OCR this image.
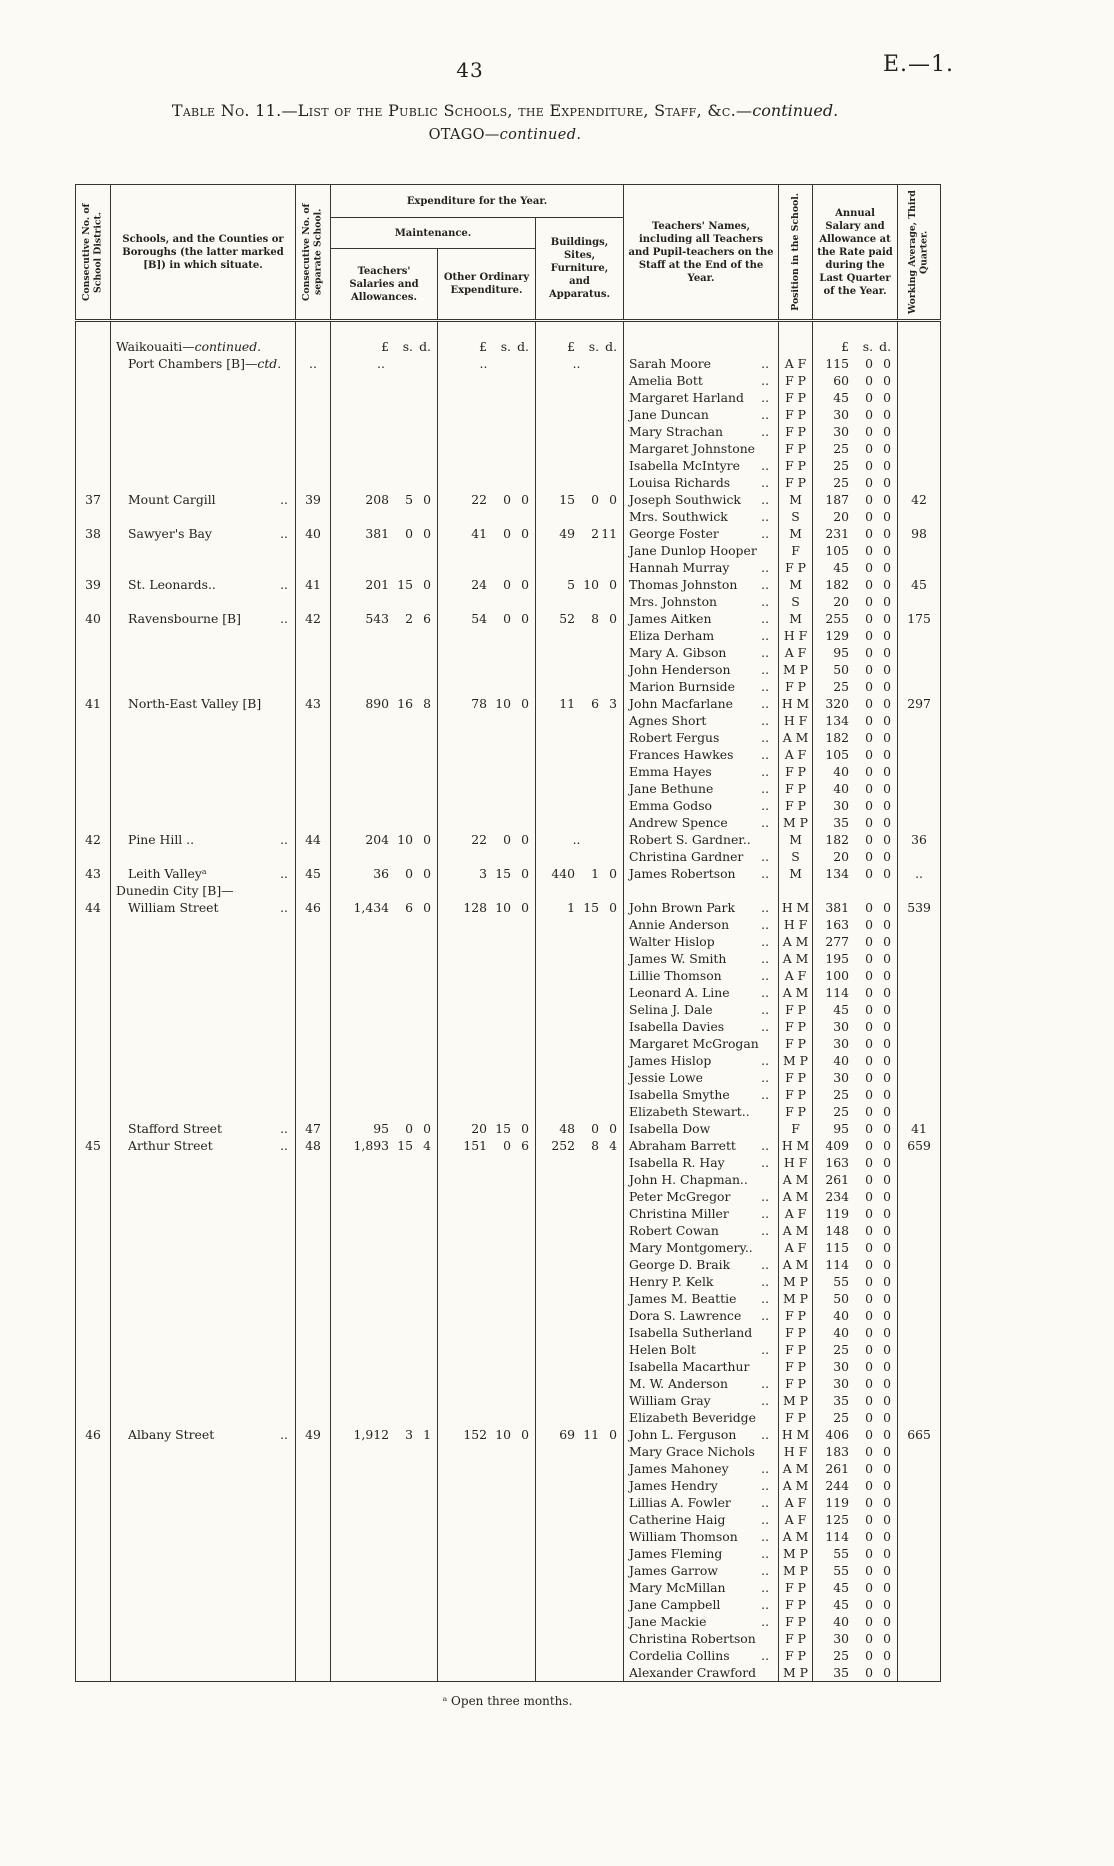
43	E.—1.
Table No. 11.—List of the Public Schools, the Expenditure, Staff, &c.—continued.
OTAGO—continued.
Consecutive No. of School District.	Schools, and the Counties or Boroughs (the latter marked [B]) in which situate.	Consecutive No. of separate School.	Expenditure for the Year.			Teachers' Names, including all Teachers and Pupil-teachers on the Staff at the End of the Year.	Position in the School.	Annual Salary and Allowance at the Rate paid during the Last Quarter of the Year.	Working Average, Third Quarter.

			Maintenance.		Buildings, Sites, Furniture, and Apparatus.				

			Teachers' Salaries and Allowances.	Other Ordinary Expenditure.					

	Waikouaiti— continued.		£ s. d.	£ s. d.	£ s. d.			£ s. d.	

	Port Chambers [B]— ctd.	..	..	..	..	Sarah Moore ..	A F	115 0 0	

						Amelia Bott ..	F P	60 0 0	

						Margaret Harland ..	F P	45 0 0	

						Jane Duncan ..	F P	30 0 0	

						Mary Strachan ..	F P	30 0 0	

						Margaret Johnstone	F P	25 0 0	

						Isabella McIntyre ..	F P	25 0 0	

						Louisa Richards ..	F P	25 0 0	

37	Mount Cargill ..	39	208 5 0	22 0 0	15 0 0	Joseph Southwick ..	M	187 0 0	42

						Mrs. Southwick ..	S	20 0 0	

38	Sawyer's Bay ..	40	381 0 0	41 0 0	49 2 11	George Foster ..	M	231 0 0	98

						Jane Dunlop Hooper	F	105 0 0	

						Hannah Murray ..	F P	45 0 0	

39	St. Leonards.. ..	41	201 15 0	24 0 0	5 10 0	Thomas Johnston ..	M	182 0 0	45

						Mrs. Johnston ..	S	20 0 0	

40	Ravensbourne [B] ..	42	543 2 6	54 0 0	52 8 0	James Aitken ..	M	255 0 0	175

						Eliza Derham ..	H F	129 0 0	

						Mary A. Gibson ..	A F	95 0 0	

						John Henderson ..	M P	50 0 0	

						Marion Burnside ..	F P	25 0 0	

41	North-East Valley [B]	43	890 16 8	78 10 0	11 6 3	John Macfarlane ..	H M	320 0 0	297

						Agnes Short ..	H F	134 0 0	

						Robert Fergus ..	A M	182 0 0	

						Frances Hawkes ..	A F	105 0 0	

						Emma Hayes ..	F P	40 0 0	

						Jane Bethune ..	F P	40 0 0	

						Emma Godso ..	F P	30 0 0	

						Andrew Spence ..	M P	35 0 0	

42	Pine Hill .. ..	44	204 10 0	22 0 0	..	Robert S. Gardner..	M	182 0 0	36

						Christina Gardner ..	S	20 0 0	

43	Leith Valleyᵃ ..	45	36 0 0	3 15 0	440 1 0	James Robertson ..	M	134 0 0	..

	Dunedin City [B]—								

44	William Street ..	46	1,434 6 0	128 10 0	1 15 0	John Brown Park ..	H M	381 0 0	539

						Annie Anderson ..	H F	163 0 0	

						Walter Hislop ..	A M	277 0 0	

						James W. Smith ..	A M	195 0 0	

						Lillie Thomson ..	A F	100 0 0	

						Leonard A. Line ..	A M	114 0 0	

						Selina J. Dale ..	F P	45 0 0	

						Isabella Davies ..	F P	30 0 0	

						Margaret McGrogan	F P	30 0 0	

						James Hislop ..	M P	40 0 0	

						Jessie Lowe ..	F P	30 0 0	

						Isabella Smythe ..	F P	25 0 0	

						Elizabeth Stewart..	F P	25 0 0	

	Stafford Street ..	47	95 0 0	20 15 0	48 0 0	Isabella Dow	F	95 0 0	41
45	Arthur Street ..	48	1,893 15 4	151 0 6	252 8 4	Abraham Barrett ..	H M	409 0 0	659

						Isabella R. Hay ..	H F	163 0 0	

						John H. Chapman..	A M	261 0 0	

						Peter McGregor ..	A M	234 0 0	

						Christina Miller ..	A F	119 0 0	

						Robert Cowan ..	A M	148 0 0	

						Mary Montgomery..	A F	115 0 0	

						George D. Braik ..	A M	114 0 0	

						Henry P. Kelk ..	M P	55 0 0	

						James M. Beattie ..	M P	50 0 0	

						Dora S. Lawrence ..	F P	40 0 0	

						Isabella Sutherland	F P	40 0 0	

						Helen Bolt ..	F P	25 0 0	

						Isabella Macarthur	F P	30 0 0	

						M. W. Anderson ..	F P	30 0 0	

						William Gray ..	M P	35 0 0	

						Elizabeth Beveridge	F P	25 0 0	

46	Albany Street ..	49	1,912 3 1	152 10 0	69 11 0	John L. Ferguson ..	H M	406 0 0	665

						Mary Grace Nichols	H F	183 0 0	

						James Mahoney ..	A M	261 0 0	

						James Hendry ..	A M	244 0 0	

						Lillias A. Fowler ..	A F	119 0 0	

						Catherine Haig ..	A F	125 0 0	

						William Thomson ..	A M	114 0 0	

						James Fleming ..	M P	55 0 0	

						James Garrow ..	M P	55 0 0	

						Mary McMillan ..	F P	45 0 0	

						Jane Campbell ..	F P	45 0 0	

						Jane Mackie ..	F P	40 0 0	

						Christina Robertson	F P	30 0 0	

						Cordelia Collins ..	F P	25 0 0	

						Alexander Crawford	M P	35 0 0	

ᵃ Open three months.
